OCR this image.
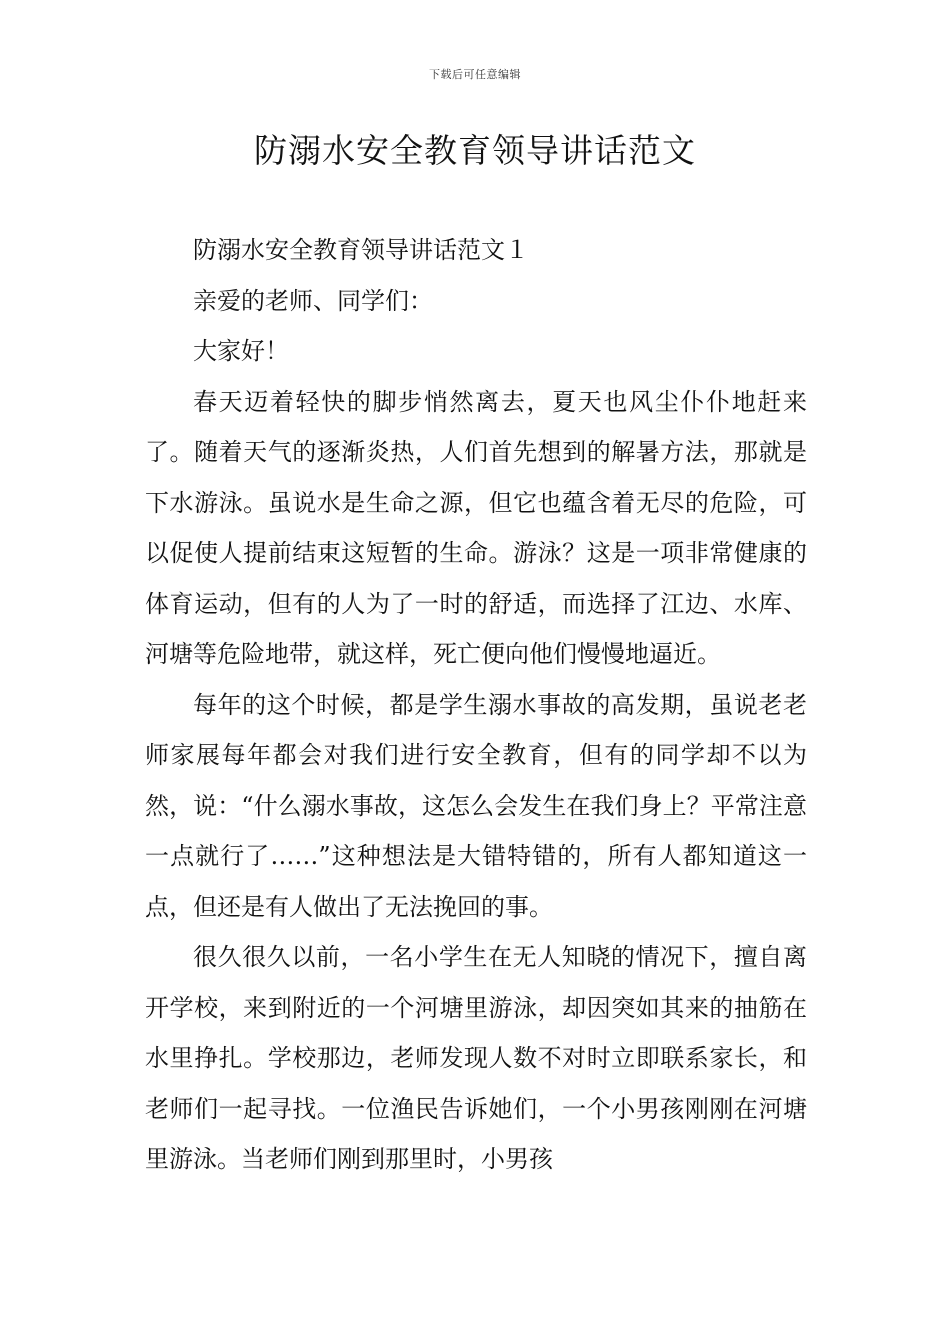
下载后可任意编辑
防溺水安全教育领导讲话范文

防溺水安全教育领导讲话范文１

亲爱的老师、同学们：

大家好！

春天迈着轻快的脚步悄然离去，夏天也风尘仆仆地赶来了。随着天气的逐渐炎热，人们首先想到的解暑方法，那就是下水游泳。虽说水是生命之源，但它也蕴含着无尽的危险，可以促使人提前结束这短暂的生命。游泳？这是一项非常健康的体育运动，但有的人为了一时的舒适，而选择了江边、水库、河塘等危险地带，就这样，死亡便向他们慢慢地逼近。

每年的这个时候，都是学生溺水事故的高发期，虽说老老师家展每年都会对我们进行安全教育，但有的同学却不以为然，说：“什么溺水事故，这怎么会发生在我们身上？平常注意一点就行了……”这种想法是大错特错的，所有人都知道这一点，但还是有人做出了无法挽回的事。

很久很久以前，一名小学生在无人知晓的情况下，擅自离开学校，来到附近的一个河塘里游泳，却因突如其来的抽筋在水里挣扎。学校那边，老师发现人数不对时立即联系家长，和老师们一起寻找。一位渔民告诉她们，一个小男孩刚刚在河塘里游泳。当老师们刚到那里时，小男孩
